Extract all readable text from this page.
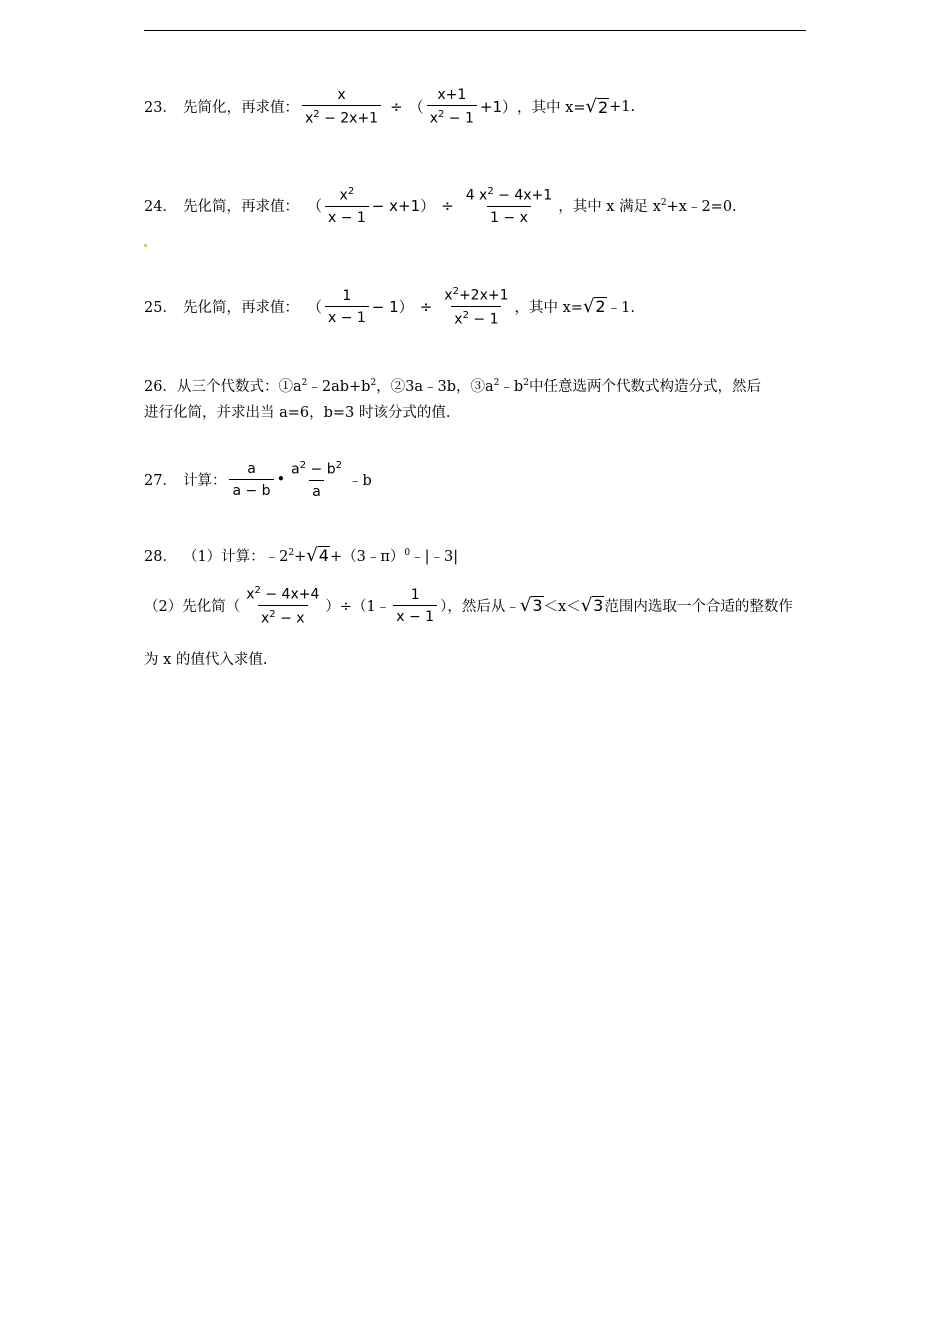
23． 先简化，再求值： $\frac{x}{x^2 - 2x+1}$ ÷ （ $\frac{x+1}{x^2 - 1} +1$） ，其中 x= √ 2 +1.
24． 先化简，再求值： （ $\frac{x^2}{x - 1} - x+1) \div \frac{4 x^2 - 4x+1}{1 - x}$ ，其中 x 满足 $x^2+x﹣2=0$.
25． 先化简，再求值： （ $\frac{1}{x - 1} - 1) \div \frac{x^2+2x+1}{x^2 - 1}$ ，其中 x= √ 2 ﹣1.
26．从三个代数式：$①a^2﹣2ab+b^2$，②3a﹣3b，$③a^2﹣b^2$中任意选两个代数式构造分式，然后
进行化简，并求出当 a=6，b=3 时该分式的值.
27． 计算： $\frac{a}{a - b}$ • $\frac{a^2 - b^2}{a}$ ﹣b
28． （1）计算：$﹣2^2+$ √ 4 +（3﹣π）$^0$﹣|﹣3|
（2）先化简（ $\frac{x^2 - 4x+4}{x^2 - x}$ ）÷（1﹣ $\frac{1}{x - 1}$ ），然后从﹣ √ 3 ＜x＜ √ 3 范围内选取一个合适的整数作
为 x 的值代入求值.
